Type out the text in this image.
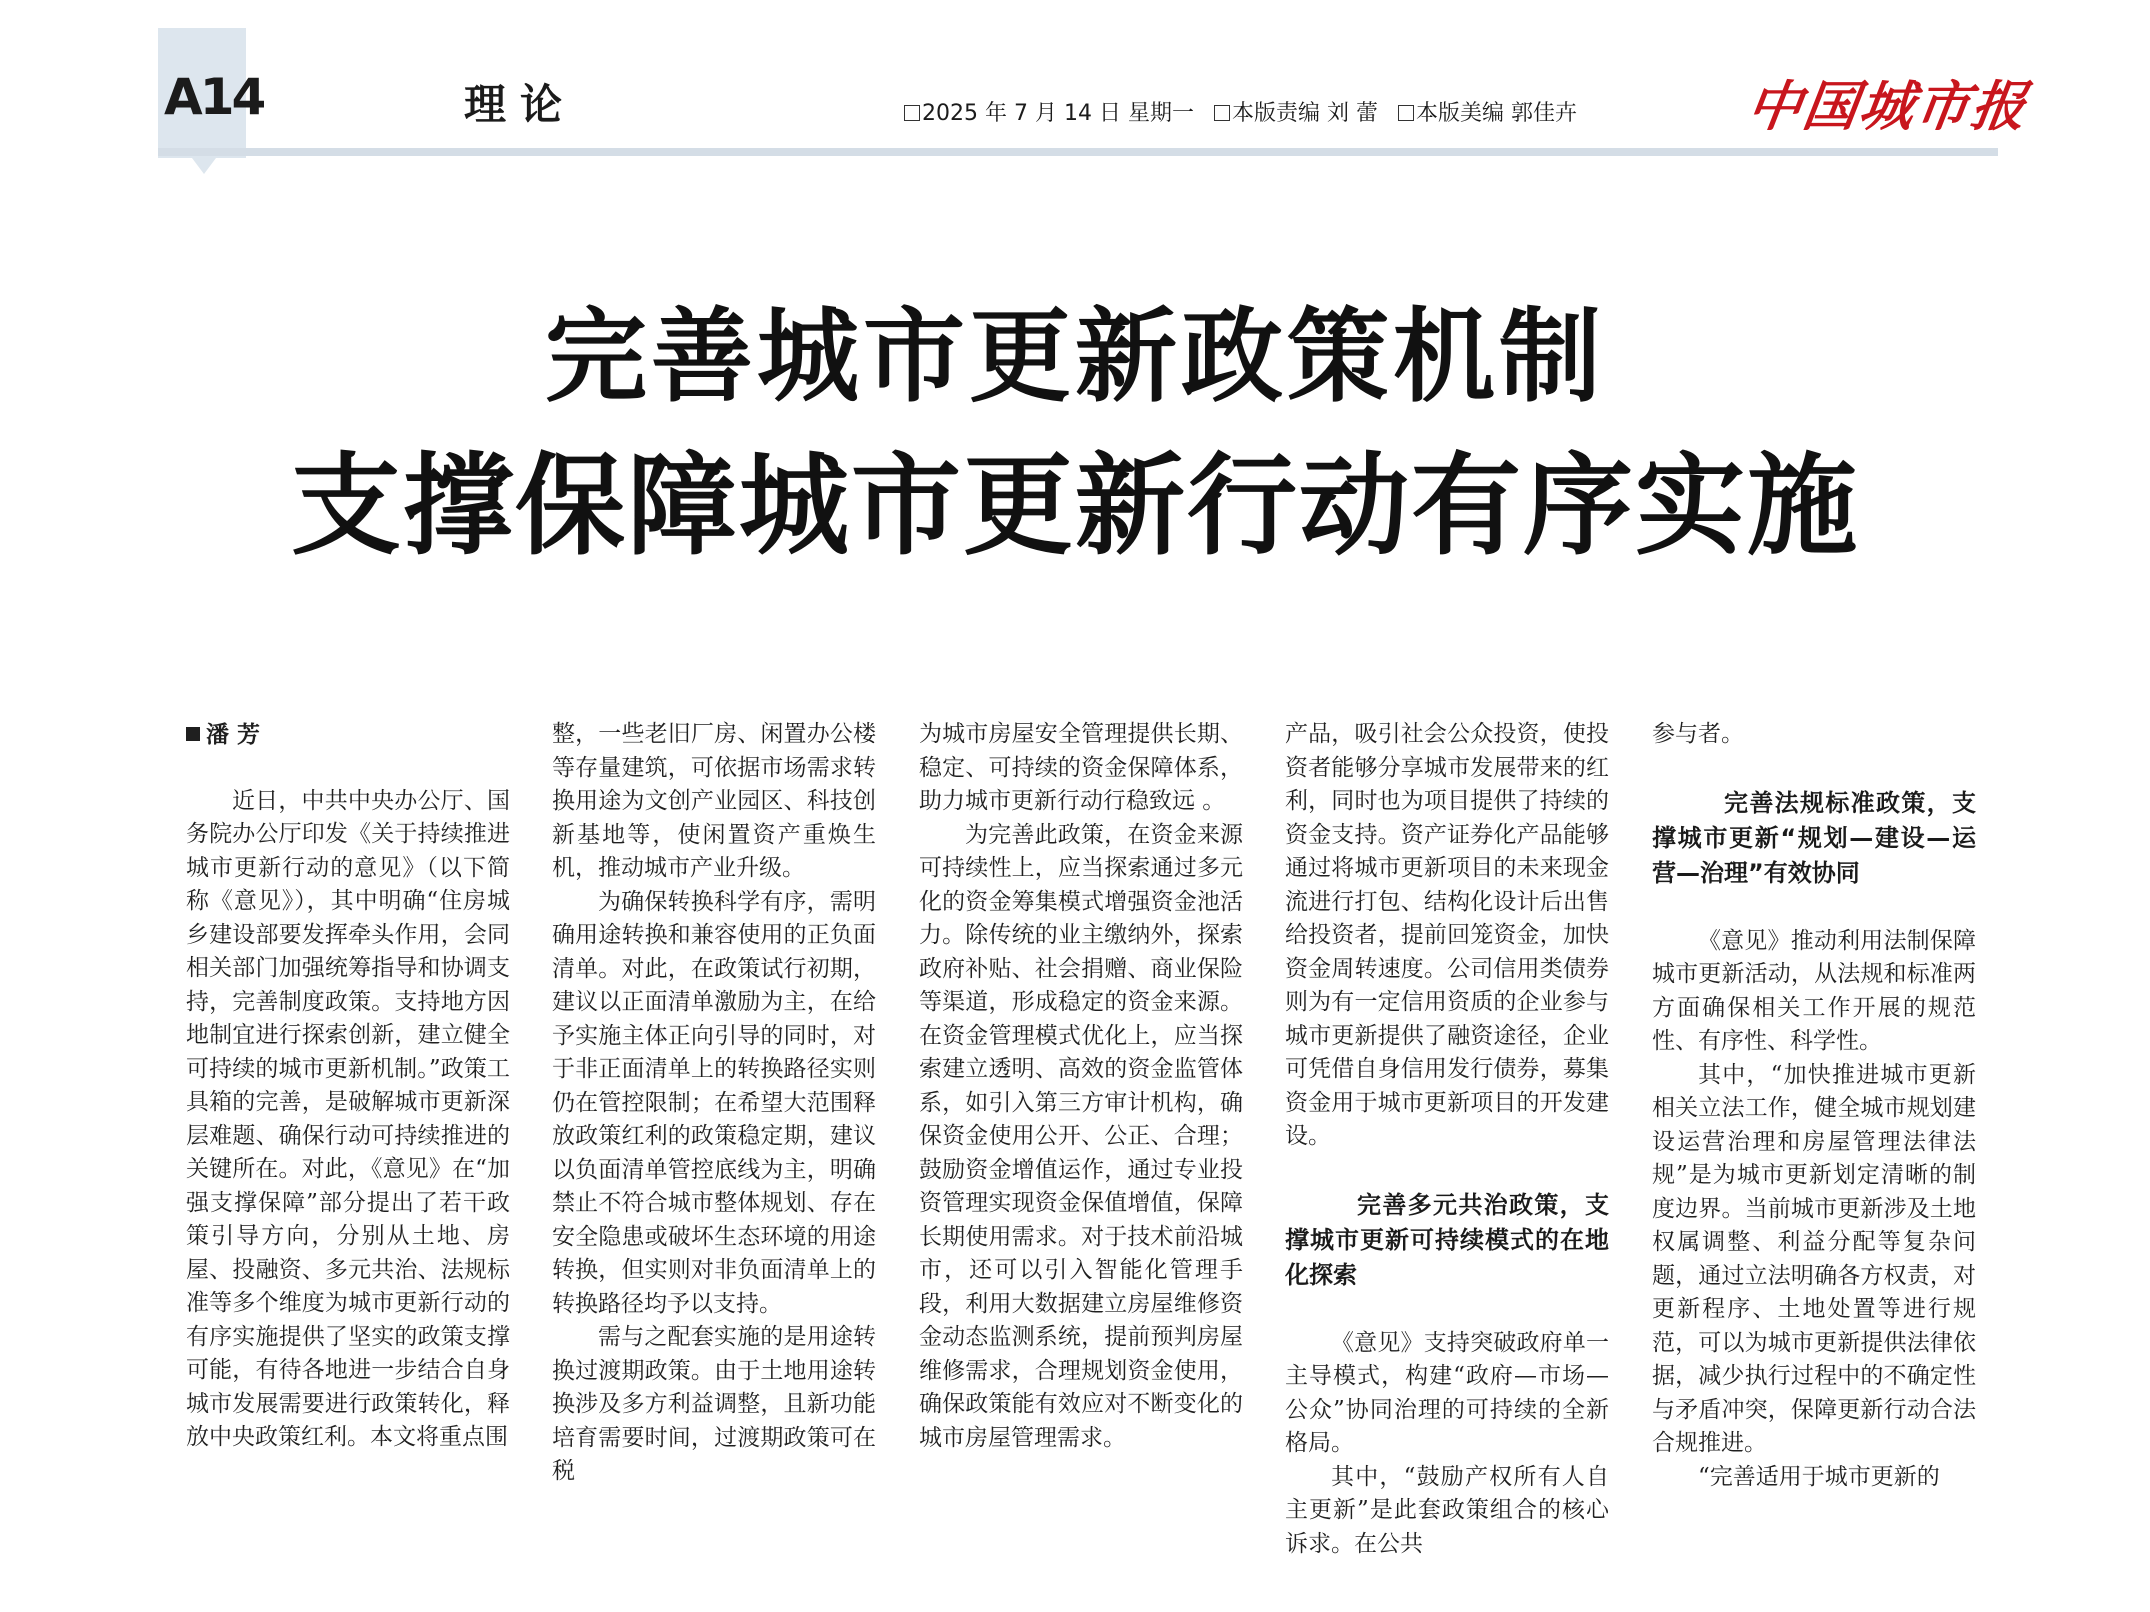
A14	理论	2025 年 7 月 14 日 星期一 本版责编 刘 蕾 本版美编 郭佳卉	中国城市报
完善城市更新政策机制
支撑保障城市更新行动有序实施

潘 芳

近日，中共中央办公厅、国务院办公厅印发《关于持续推进城市更新行动的意见》（以下简称《意见》），其中明确“住房城乡建设部要发挥牵头作用，会同相关部门加强统筹指导和协调支持，完善制度政策。支持地方因地制宜进行探索创新，建立健全可持续的城市更新机制。”政策工具箱的完善，是破解城市更新深层难题、确保行动可持续推进的关键所在。对此，《意见》在“加强支撑保障”部分提出了若干政策引导方向，分别从土地、房屋、投融资、多元共治、法规标准等多个维度为城市更新行动的有序实施提供了坚实的政策支撑可能，有待各地进一步结合自身城市发展需要进行政策转化，释放中央政策红利。本文将重点围

整，一些老旧厂房、闲置办公楼等存量建筑，可依据市场需求转换用途为文创产业园区、科技创新基地等，使闲置资产重焕生机，推动城市产业升级。

为确保转换科学有序，需明确用途转换和兼容使用的正负面清单。对此，在政策试行初期，建议以正面清单激励为主，在给予实施主体正向引导的同时，对于非正面清单上的转换路径实则仍在管控限制；在希望大范围释放政策红利的政策稳定期，建议以负面清单管控底线为主，明确禁止不符合城市整体规划、存在安全隐患或破坏生态环境的用途转换，但实则对非负面清单上的转换路径均予以支持。

需与之配套实施的是用途转换过渡期政策。由于土地用途转换涉及多方利益调整，且新功能培育需要时间，过渡期政策可在税

为城市房屋安全管理提供长期、稳定、可持续的资金保障体系，助力城市更新行动行稳致远 。

为完善此政策，在资金来源可持续性上，应当探索通过多元化的资金筹集模式增强资金池活力。除传统的业主缴纳外，探索政府补贴、社会捐赠、商业保险等渠道，形成稳定的资金来源。在资金管理模式优化上，应当探索建立透明、高效的资金监管体系，如引入第三方审计机构，确保资金使用公开、公正、合理；鼓励资金增值运作，通过专业投资管理实现资金保值增值，保障长期使用需求。对于技术前沿城市，还可以引入智能化管理手段，利用大数据建立房屋维修资金动态监测系统，提前预判房屋维修需求，合理规划资金使用，确保政策能有效应对不断变化的城市房屋管理需求。

产品，吸引社会公众投资，使投资者能够分享城市发展带来的红利，同时也为项目提供了持续的资金支持。资产证券化产品能够通过将城市更新项目的未来现金流进行打包、结构化设计后出售给投资者，提前回笼资金，加快资金周转速度。公司信用类债券则为有一定信用资质的企业参与城市更新提供了融资途径，企业可凭借自身信用发行债券，募集资金用于城市更新项目的开发建设。

完善多元共治政策，支撑城市更新可持续模式的在地化探索

《意见》支持突破政府单一主导模式，构建“政府—市场—公众”协同治理的可持续的全新格局。

其中，“鼓励产权所有人自主更新”是此套政策组合的核心诉求。在公共

参与者。

完善法规标准政策，支撑城市更新“规划—建设—运营—治理”有效协同

《意见》推动利用法制保障城市更新活动，从法规和标准两方面确保相关工作开展的规范性、有序性、科学性。

其中，“加快推进城市更新相关立法工作，健全城市规划建设运营治理和房屋管理法律法规”是为城市更新划定清晰的制度边界。当前城市更新涉及土地权属调整、利益分配等复杂问题，通过立法明确各方权责，对更新程序、土地处置等进行规范，可以为城市更新提供法律依据，减少执行过程中的不确定性与矛盾冲突，保障更新行动合法合规推进。

“完善适用于城市更新的
